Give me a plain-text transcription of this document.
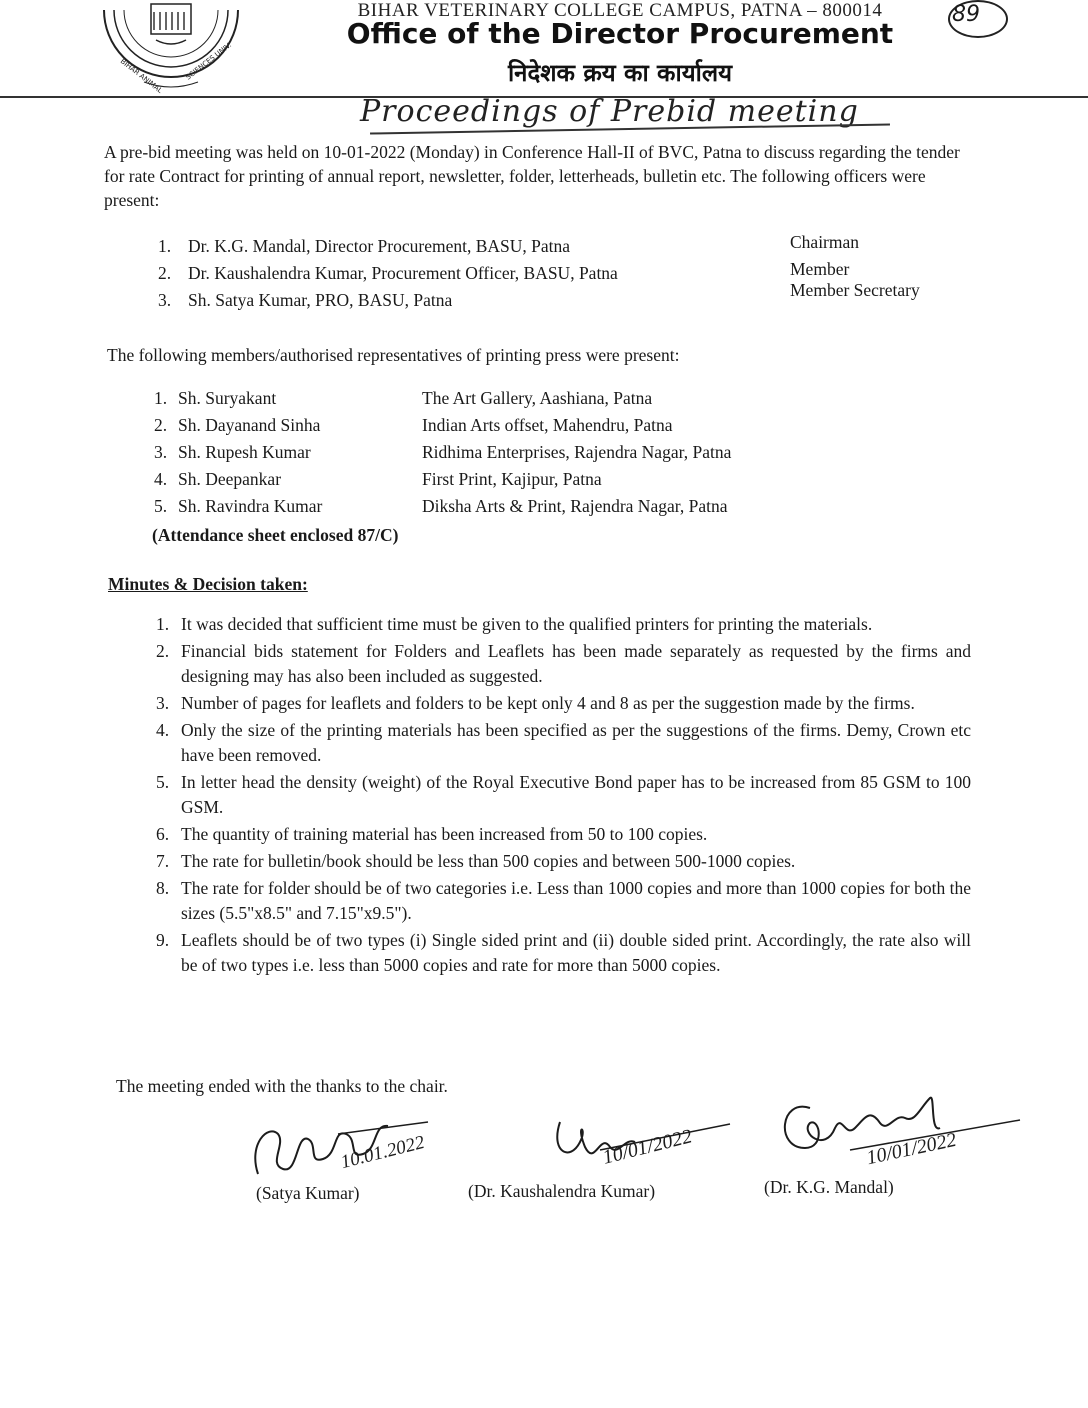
BIHAR ANIMAL	SCIENCES UNIV.
BIHAR VETERINARY COLLEGE CAMPUS, PATNA – 800014
Office of the Director Procurement
निदेशक क्रय का कार्यालय
89
Proceedings of Prebid meeting

A pre-bid meeting was held on 10-01-2022 (Monday) in Conference Hall-II of BVC, Patna to discuss regarding the tender for rate Contract for printing of annual report, newsletter, folder, letterheads, bulletin etc. The following officers were present:

1. Dr. K.G. Mandal, Director Procurement, BASU, Patna	Chairman
2. Dr. Kaushalendra Kumar, Procurement Officer, BASU, Patna	Member
3. Sh. Satya Kumar, PRO, BASU, Patna	Member Secretary

The following members/authorised representatives of printing press were present:

1. Sh. Suryakant	The Art Gallery, Aashiana, Patna
2. Sh. Dayanand Sinha	Indian Arts offset, Mahendru, Patna
3. Sh. Rupesh Kumar	Ridhima Enterprises, Rajendra Nagar, Patna
4. Sh. Deepankar	First Print, Kajipur, Patna
5. Sh. Ravindra Kumar	Diksha Arts & Print, Rajendra Nagar, Patna
(Attendance sheet enclosed 87/C)
Minutes & Decision taken:
1. It was decided that sufficient time must be given to the qualified printers for printing the materials.
2. Financial bids statement for Folders and Leaflets has been made separately as requested by the firms and designing may has also been included as suggested.
3. Number of pages for leaflets and folders to be kept only 4 and 8 as per the suggestion made by the firms.
4. Only the size of the printing materials has been specified as per the suggestions of the firms. Demy, Crown etc have been removed.
5. In letter head the density (weight) of the Royal Executive Bond paper has to be increased from 85 GSM to 100 GSM.
6. The quantity of training material has been increased from 50 to 100 copies.
7. The rate for bulletin/book should be less than 500 copies and between 500-1000 copies.
8. The rate for folder should be of two categories i.e. Less than 1000 copies and more than 1000 copies for both the sizes (5.5"x8.5" and 7.15"x9.5").
9. Leaflets should be of two types (i) Single sided print and (ii) double sided print. Accordingly, the rate also will be of two types i.e. less than 5000 copies and rate for more than 5000 copies.
The meeting ended with the thanks to the chair.
10.01.2022	10/01/2022	10/01/2022
(Satya Kumar)	(Dr. Kaushalendra Kumar)	(Dr. K.G. Mandal)
